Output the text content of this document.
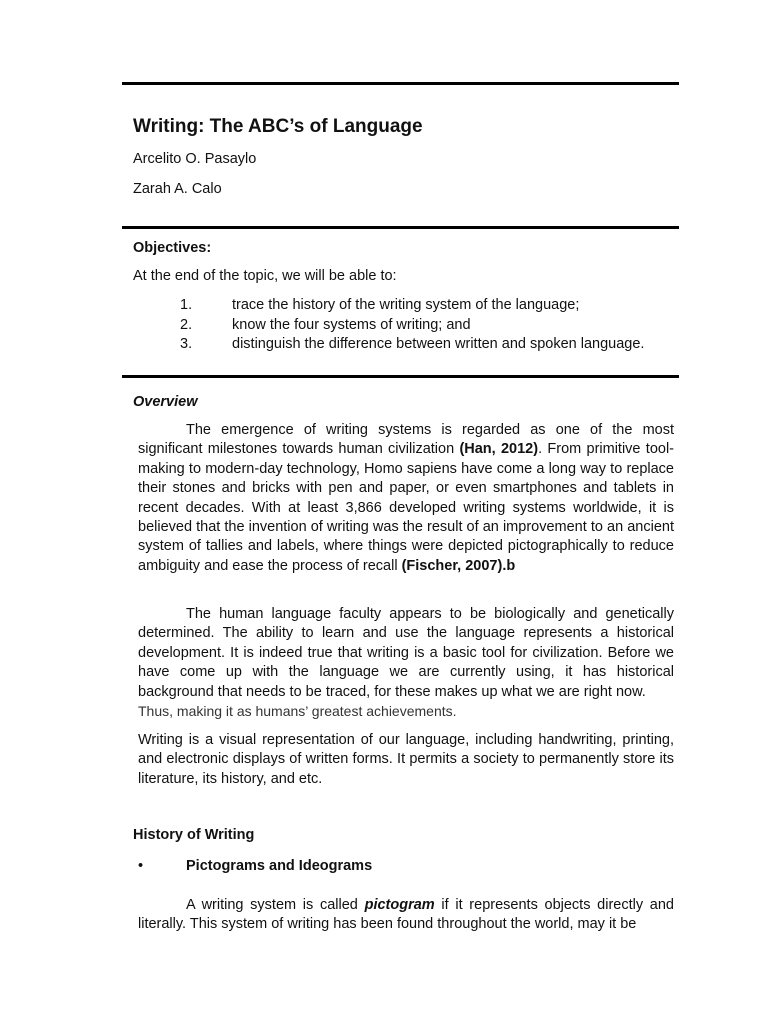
Writing: The ABC’s of Language
Arcelito O. Pasaylo
Zarah A. Calo
Objectives:
At the end of the topic, we will be able to:
1.	trace the history of the writing system of the language;
2.	know the four systems of writing; and
3.	distinguish the difference between written and spoken language.
Overview

The emergence of writing systems is regarded as one of the most significant milestones towards human civilization (Han, 2012). From primitive tool-making to modern-day technology, Homo sapiens have come a long way to replace their stones and bricks with pen and paper, or even smartphones and tablets in recent decades. With at least 3,866 developed writing systems worldwide, it is believed that the invention of writing was the result of an improvement to an ancient system of tallies and labels, where things were depicted pictographically to reduce ambiguity and ease the process of recall (Fischer, 2007).b

The human language faculty appears to be biologically and genetically determined. The ability to learn and use the language represents a historical development. It is indeed true that writing is a basic tool for civilization. Before we have come up with the language we are currently using, it has historical background that needs to be traced, for these makes up what we are right now.

Thus, making it as humans’ greatest achievements.

Writing is a visual representation of our language, including handwriting, printing, and electronic displays of written forms. It permits a society to permanently store its literature, its history, and etc.

History of Writing
•	Pictograms and Ideograms

A writing system is called pictogram if it represents objects directly and literally. This system of writing has been found throughout the world, may it be
